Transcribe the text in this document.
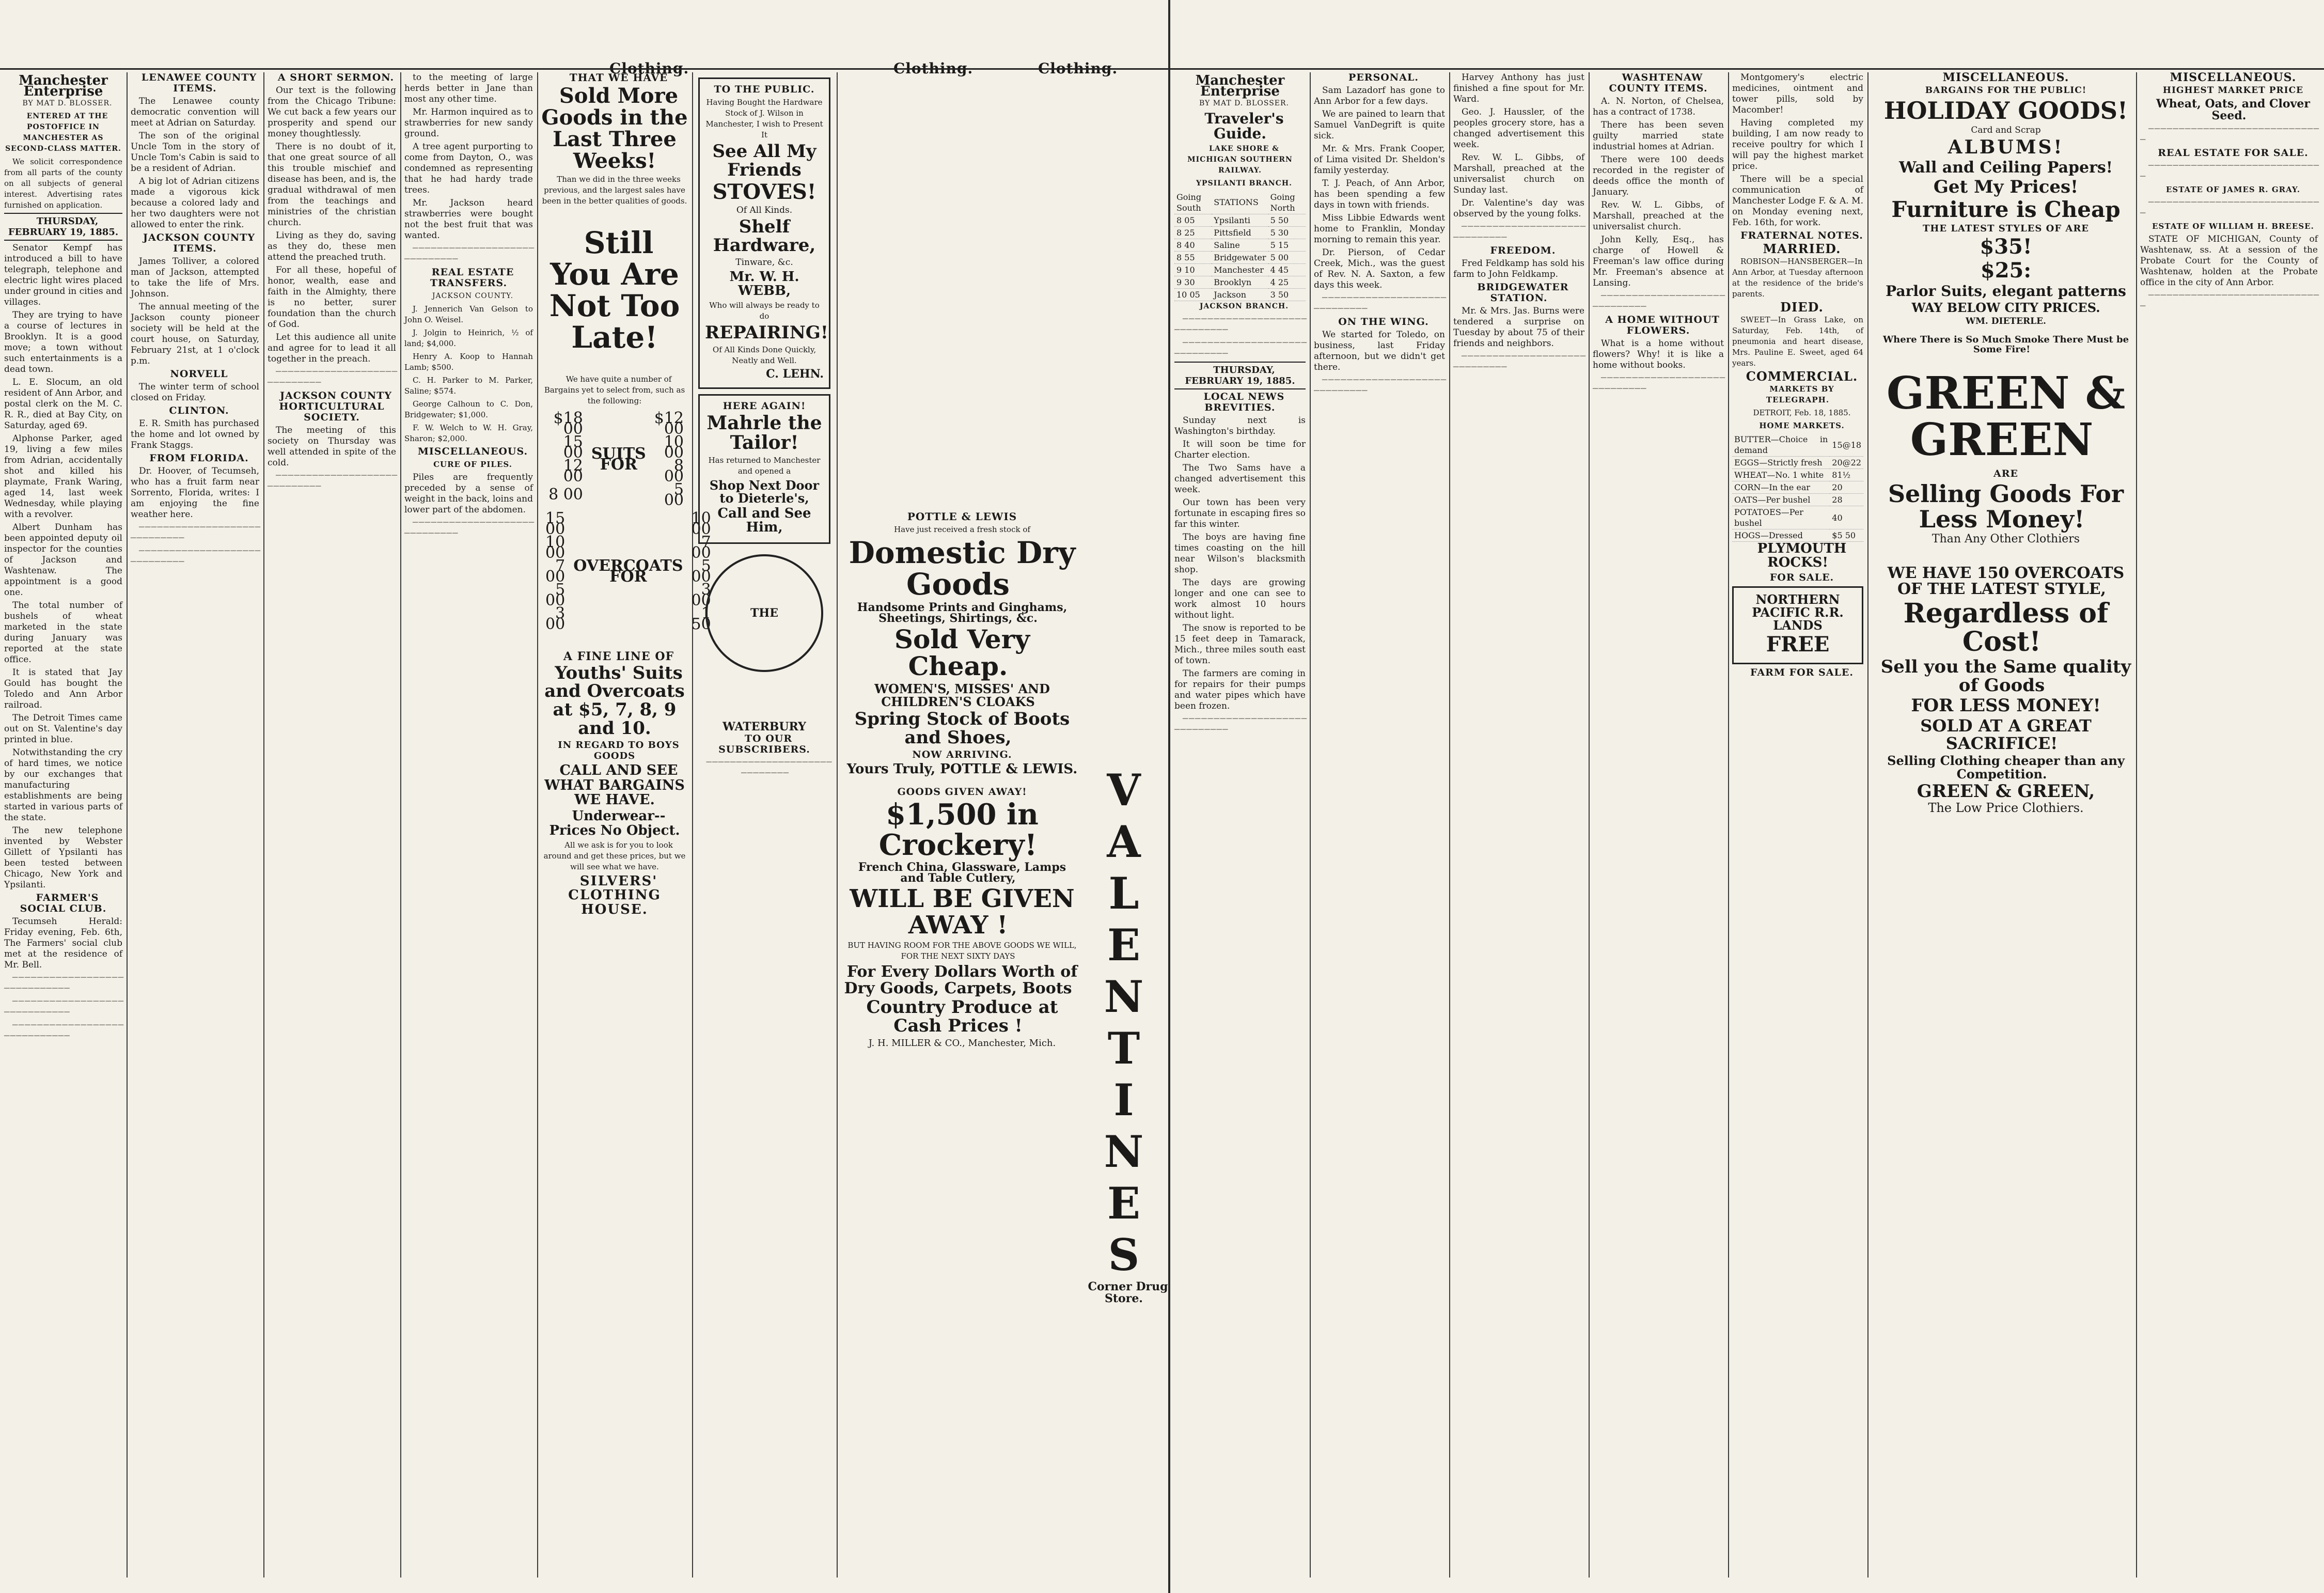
Clothing.	Clothing.	Clothing.
Manchester Enterprise

BY MAT D. BLOSSER.

ENTERED AT THE POSTOFFICE IN MANCHESTER AS SECOND-CLASS MATTER.

We solicit correspondence from all parts of the county on all subjects of general interest. Advertising rates furnished on application.

THURSDAY, FEBRUARY 19, 1885.

Senator Kempf has introduced a bill to have telegraph, telephone and electric light wires placed under ground in cities and villages.

They are trying to have a course of lectures in Brooklyn. It is a good move; a town without such entertainments is a dead town.

L. E. Slocum, an old resident of Ann Arbor, and postal clerk on the M. C. R. R., died at Bay City, on Saturday, aged 69.

Alphonse Parker, aged 19, living a few miles from Adrian, accidentally shot and killed his playmate, Frank Waring, aged 14, last week Wednesday, while playing with a revolver.

Albert Dunham has been appointed deputy oil inspector for the counties of Jackson and Washtenaw. The appointment is a good one.

The total number of bushels of wheat marketed in the state during January was reported at the state office.

It is stated that Jay Gould has bought the Toledo and Ann Arbor railroad.

The Detroit Times came out on St. Valentine's day printed in blue.

Notwithstanding the cry of hard times, we notice by our exchanges that manufacturing establishments are being started in various parts of the state.

The new telephone invented by Webster Gillett of Ypsilanti has been tested between Chicago, New York and Ypsilanti.

FARMER'S SOCIAL CLUB.

Tecumseh Herald: Friday evening, Feb. 6th, The Farmers' social club met at the residence of Mr. Bell.

─ ─ ─ ─ ─ ─ ─ ─ ─ ─ ─ ─ ─ ─ ─ ─ ─ ─ ─ ─ ─ ─ ─ ─ ─ ─ ─ ─ ─

─ ─ ─ ─ ─ ─ ─ ─ ─ ─ ─ ─ ─ ─ ─ ─ ─ ─ ─ ─ ─ ─ ─ ─ ─ ─ ─ ─ ─

─ ─ ─ ─ ─ ─ ─ ─ ─ ─ ─ ─ ─ ─ ─ ─ ─ ─ ─ ─ ─ ─ ─ ─ ─ ─ ─ ─ ─

LENAWEE COUNTY ITEMS.

The Lenawee county democratic convention will meet at Adrian on Saturday.

The son of the original Uncle Tom in the story of Uncle Tom's Cabin is said to be a resident of Adrian.

A big lot of Adrian citizens made a vigorous kick because a colored lady and her two daughters were not allowed to enter the rink.

JACKSON COUNTY ITEMS.

James Tolliver, a colored man of Jackson, attempted to take the life of Mrs. Johnson.

The annual meeting of the Jackson county pioneer society will be held at the court house, on Saturday, February 21st, at 1 o'clock p.m.

NORVELL

The winter term of school closed on Friday.

CLINTON.

E. R. Smith has purchased the home and lot owned by Frank Staggs.

FROM FLORIDA.

Dr. Hoover, of Tecumseh, who has a fruit farm near Sorrento, Florida, writes: I am enjoying the fine weather here.

─ ─ ─ ─ ─ ─ ─ ─ ─ ─ ─ ─ ─ ─ ─ ─ ─ ─ ─ ─ ─ ─ ─ ─ ─ ─ ─ ─ ─

─ ─ ─ ─ ─ ─ ─ ─ ─ ─ ─ ─ ─ ─ ─ ─ ─ ─ ─ ─ ─ ─ ─ ─ ─ ─ ─ ─ ─

A SHORT SERMON.

Our text is the following from the Chicago Tribune: We cut back a few years our prosperity and spend our money thoughtlessly.

There is no doubt of it, that one great source of all this trouble mischief and disease has been, and is, the gradual withdrawal of men from the teachings and ministries of the christian church.

Living as they do, saving as they do, these men attend the preached truth.

For all these, hopeful of honor, wealth, ease and faith in the Almighty, there is no better, surer foundation than the church of God.

Let this audience all unite and agree for to lead it all together in the preach.

─ ─ ─ ─ ─ ─ ─ ─ ─ ─ ─ ─ ─ ─ ─ ─ ─ ─ ─ ─ ─ ─ ─ ─ ─ ─ ─ ─ ─

JACKSON COUNTY HORTICULTURAL SOCIETY.

The meeting of this society on Thursday was well attended in spite of the cold.

─ ─ ─ ─ ─ ─ ─ ─ ─ ─ ─ ─ ─ ─ ─ ─ ─ ─ ─ ─ ─ ─ ─ ─ ─ ─ ─ ─ ─

to the meeting of large herds better in Jane than most any other time.

Mr. Harmon inquired as to strawberries for new sandy ground.

A tree agent purporting to come from Dayton, O., was condemned as representing that he had hardy trade trees.

Mr. Jackson heard strawberries were bought not the best fruit that was wanted.

─ ─ ─ ─ ─ ─ ─ ─ ─ ─ ─ ─ ─ ─ ─ ─ ─ ─ ─ ─ ─ ─ ─ ─ ─ ─ ─ ─ ─

REAL ESTATE TRANSFERS.

JACKSON COUNTY.

J. Jennerich Van Gelson to John O. Weisel.

J. Jolgin to Heinrich, ½ of land; $4,000.

Henry A. Koop to Hannah Lamb; $500.

C. H. Parker to M. Parker, Saline; $574.

George Calhoun to C. Don, Bridgewater; $1,000.

F. W. Welch to W. H. Gray, Sharon; $2,000.

MISCELLANEOUS.

CURE OF PILES.

Piles are frequently preceded by a sense of weight in the back, loins and lower part of the abdomen.

─ ─ ─ ─ ─ ─ ─ ─ ─ ─ ─ ─ ─ ─ ─ ─ ─ ─ ─ ─ ─ ─ ─ ─ ─ ─ ─ ─ ─

THAT WE HAVE

Sold More Goods in the Last Three Weeks!

Than we did in the three weeks previous, and the largest sales have been in the better qualities of goods.

Still You Are Not Too Late!

We have quite a number of Bargains yet to select from, such as the following:

$18 00	SUITS FOR	$12 00
15 00		10 00
12 00		8 00
8 00		5 00
15 00	OVERCOATS FOR	10 00
10 00		7 00
7 00		5 00
5 00		3 00
3 00		1 50

A FINE LINE OF

Youths' Suits and Overcoats at $5, 7, 8, 9 and 10.

IN REGARD TO BOYS GOODS

CALL AND SEE WHAT BARGAINS WE HAVE.

Underwear--Prices No Object.

All we ask is for you to look around and get these prices, but we will see what we have.

SILVERS' CLOTHING HOUSE.

TO THE PUBLIC.

Having Bought the Hardware Stock of J. Wilson in Manchester, I wish to Present It

See All My Friends

STOVES!

Of All Kinds.

Shelf Hardware,

Tinware, &c.

Mr. W. H. WEBB,

Who will always be ready to do

REPAIRING!

Of All Kinds Done Quickly, Neatly and Well.

C. LEHN.

HERE AGAIN!

Mahrle the Tailor!

Has returned to Manchester and opened a

Shop Next Door to Dieterle's,

Call and See Him,

THE WATERBURY

TO OUR SUBSCRIBERS.

─ ─ ─ ─ ─ ─ ─ ─ ─ ─ ─ ─ ─ ─ ─ ─ ─ ─ ─ ─ ─ ─ ─ ─ ─ ─ ─ ─ ─

POTTLE & LEWIS

Have just received a fresh stock of

Domestic Dry Goods

Handsome Prints and Ginghams, Sheetings, Shirtings, &c.

Sold Very Cheap.

WOMEN'S, MISSES' AND CHILDREN'S CLOAKS

Spring Stock of Boots and Shoes,

NOW ARRIVING.

Yours Truly, POTTLE & LEWIS.

GOODS GIVEN AWAY!

$1,500 in Crockery!

French China, Glassware, Lamps and Table Cutlery,

WILL BE GIVEN AWAY !

BUT HAVING ROOM FOR THE ABOVE GOODS WE WILL, FOR THE NEXT SIXTY DAYS

For Every Dollars Worth of Dry Goods, Carpets, Boots

Country Produce at Cash Prices !

J. H. MILLER & CO., Manchester, Mich.

V
A
L
E
N
T
I
N
E
S

Corner Drug Store.

Manchester Enterprise

BY MAT D. BLOSSER.

Traveler's Guide.

LAKE SHORE & MICHIGAN SOUTHERN RAILWAY.

YPSILANTI BRANCH.

Going South	STATIONS	Going North
8 05	Ypsilanti	5 50
8 25	Pittsfield	5 30
8 40	Saline	5 15
8 55	Bridgewater	5 00
9 10	Manchester	4 45
9 30	Brooklyn	4 25
10 05	Jackson	3 50

JACKSON BRANCH.

─ ─ ─ ─ ─ ─ ─ ─ ─ ─ ─ ─ ─ ─ ─ ─ ─ ─ ─ ─ ─ ─ ─ ─ ─ ─ ─ ─ ─

─ ─ ─ ─ ─ ─ ─ ─ ─ ─ ─ ─ ─ ─ ─ ─ ─ ─ ─ ─ ─ ─ ─ ─ ─ ─ ─ ─ ─

THURSDAY, FEBRUARY 19, 1885.

LOCAL NEWS BREVITIES.

Sunday next is Washington's birthday.

It will soon be time for Charter election.

The Two Sams have a changed advertisement this week.

Our town has been very fortunate in escaping fires so far this winter.

The boys are having fine times coasting on the hill near Wilson's blacksmith shop.

The days are growing longer and one can see to work almost 10 hours without light.

The snow is reported to be 15 feet deep in Tamarack, Mich., three miles south east of town.

The farmers are coming in for repairs for their pumps and water pipes which have been frozen.

─ ─ ─ ─ ─ ─ ─ ─ ─ ─ ─ ─ ─ ─ ─ ─ ─ ─ ─ ─ ─ ─ ─ ─ ─ ─ ─ ─ ─

PERSONAL.

Sam Lazadorf has gone to Ann Arbor for a few days.

We are pained to learn that Samuel VanDegrift is quite sick.

Mr. & Mrs. Frank Cooper, of Lima visited Dr. Sheldon's family yesterday.

T. J. Peach, of Ann Arbor, has been spending a few days in town with friends.

Miss Libbie Edwards went home to Franklin, Monday morning to remain this year.

Dr. Pierson, of Cedar Creek, Mich., was the guest of Rev. N. A. Saxton, a few days this week.

─ ─ ─ ─ ─ ─ ─ ─ ─ ─ ─ ─ ─ ─ ─ ─ ─ ─ ─ ─ ─ ─ ─ ─ ─ ─ ─ ─ ─

ON THE WING.

We started for Toledo, on business, last Friday afternoon, but we didn't get there.

─ ─ ─ ─ ─ ─ ─ ─ ─ ─ ─ ─ ─ ─ ─ ─ ─ ─ ─ ─ ─ ─ ─ ─ ─ ─ ─ ─ ─

Harvey Anthony has just finished a fine spout for Mr. Ward.

Geo. J. Haussler, of the peoples grocery store, has a changed advertisement this week.

Rev. W. L. Gibbs, of Marshall, preached at the universalist church on Sunday last.

Dr. Valentine's day was observed by the young folks.

─ ─ ─ ─ ─ ─ ─ ─ ─ ─ ─ ─ ─ ─ ─ ─ ─ ─ ─ ─ ─ ─ ─ ─ ─ ─ ─ ─ ─

FREEDOM.

Fred Feldkamp has sold his farm to John Feldkamp.

BRIDGEWATER STATION.

Mr. & Mrs. Jas. Burns were tendered a surprise on Tuesday by about 75 of their friends and neighbors.

─ ─ ─ ─ ─ ─ ─ ─ ─ ─ ─ ─ ─ ─ ─ ─ ─ ─ ─ ─ ─ ─ ─ ─ ─ ─ ─ ─ ─

WASHTENAW COUNTY ITEMS.

A. N. Norton, of Chelsea, has a contract of 1738.

There has been seven guilty married state industrial homes at Adrian.

There were 100 deeds recorded in the register of deeds office the month of January.

Rev. W. L. Gibbs, of Marshall, preached at the universalist church.

John Kelly, Esq., has charge of Howell & Freeman's law office during Mr. Freeman's absence at Lansing.

─ ─ ─ ─ ─ ─ ─ ─ ─ ─ ─ ─ ─ ─ ─ ─ ─ ─ ─ ─ ─ ─ ─ ─ ─ ─ ─ ─ ─

A HOME WITHOUT FLOWERS.

What is a home without flowers? Why! it is like a home without books.

─ ─ ─ ─ ─ ─ ─ ─ ─ ─ ─ ─ ─ ─ ─ ─ ─ ─ ─ ─ ─ ─ ─ ─ ─ ─ ─ ─ ─

Montgomery's electric medicines, ointment and tower pills, sold by Macomber!

Having completed my building, I am now ready to receive poultry for which I will pay the highest market price.

There will be a special communication of Manchester Lodge F. & A. M. on Monday evening next, Feb. 16th, for work.

FRATERNAL NOTES.

MARRIED.

ROBISON—HANSBERGER—In Ann Arbor, at Tuesday afternoon at the residence of the bride's parents.

DIED.

SWEET—In Grass Lake, on Saturday, Feb. 14th, of pneumonia and heart disease, Mrs. Pauline E. Sweet, aged 64 years.

COMMERCIAL.

MARKETS BY TELEGRAPH.

DETROIT, Feb. 18, 1885.

HOME MARKETS.

BUTTER—Choice in demand	15@18
EGGS—Strictly fresh	20@22
WHEAT—No. 1 white	81½
CORN—In the ear	20
OATS—Per bushel	28
POTATOES—Per bushel	40
HOGS—Dressed	$5 50

PLYMOUTH ROCKS!

FOR SALE.

NORTHERN PACIFIC R.R. LANDS

FREE

FARM FOR SALE.

MISCELLANEOUS.

BARGAINS FOR THE PUBLIC!

HOLIDAY GOODS!

Card and Scrap

ALBUMS!

Wall and Ceiling Papers!

Get My Prices!

Furniture is Cheap

THE LATEST STYLES OF ARE

$35!

$25:

Parlor Suits, elegant patterns

WAY BELOW CITY PRICES.

WM. DIETERLE.

Where There is So Much Smoke There Must be Some Fire!

GREEN & GREEN

ARE

Selling Goods For Less Money!

Than Any Other Clothiers

WE HAVE 150 OVERCOATS OF THE LATEST STYLE,

Regardless of Cost!

Sell you the Same quality of Goods

FOR LESS MONEY!

SOLD AT A GREAT SACRIFICE!

Selling Clothing cheaper than any Competition.

GREEN & GREEN,

The Low Price Clothiers.

MISCELLANEOUS.

HIGHEST MARKET PRICE

Wheat, Oats, and Clover Seed.

─ ─ ─ ─ ─ ─ ─ ─ ─ ─ ─ ─ ─ ─ ─ ─ ─ ─ ─ ─ ─ ─ ─ ─ ─ ─ ─ ─ ─

REAL ESTATE FOR SALE.

─ ─ ─ ─ ─ ─ ─ ─ ─ ─ ─ ─ ─ ─ ─ ─ ─ ─ ─ ─ ─ ─ ─ ─ ─ ─ ─ ─ ─

ESTATE OF JAMES R. GRAY.

─ ─ ─ ─ ─ ─ ─ ─ ─ ─ ─ ─ ─ ─ ─ ─ ─ ─ ─ ─ ─ ─ ─ ─ ─ ─ ─ ─ ─

ESTATE OF WILLIAM H. BREESE.

STATE OF MICHIGAN, County of Washtenaw, ss. At a session of the Probate Court for the County of Washtenaw, holden at the Probate office in the city of Ann Arbor.

─ ─ ─ ─ ─ ─ ─ ─ ─ ─ ─ ─ ─ ─ ─ ─ ─ ─ ─ ─ ─ ─ ─ ─ ─ ─ ─ ─ ─
